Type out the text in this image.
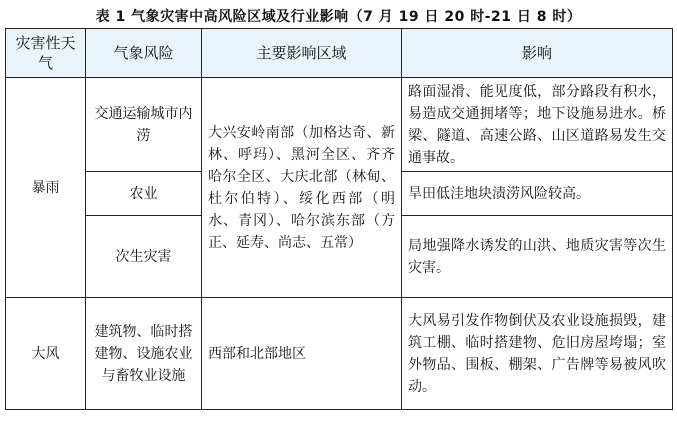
表 1 气象灾害中高风险区域及行业影响（7 月 19 日 20 时-21 日 8 时）
灾害性天气	气象风险	主要影响区域	影响
暴雨	交通运输城市内涝	大兴安岭南部（加格达奇、新林、呼玛）、黑河全区、齐齐哈尔全区、大庆北部（林甸、杜尔伯特）、绥化西部（明水、青冈）、哈尔滨东部（方正、延寿、尚志、五常）	路面湿滑、能见度低，部分路段有积水，易造成交通拥堵等；地下设施易进水。桥梁、隧道、高速公路、山区道路易发生交通事故。
	农业		旱田低洼地块渍涝风险较高。
	次生灾害		局地强降水诱发的山洪、地质灾害等次生灾害。
大风	建筑物、临时搭建物、设施农业与畜牧业设施	西部和北部地区	大风易引发作物倒伏及农业设施损毁，建筑工棚、临时搭建物、危旧房屋垮塌；室外物品、围板、棚架、广告牌等易被风吹动。
